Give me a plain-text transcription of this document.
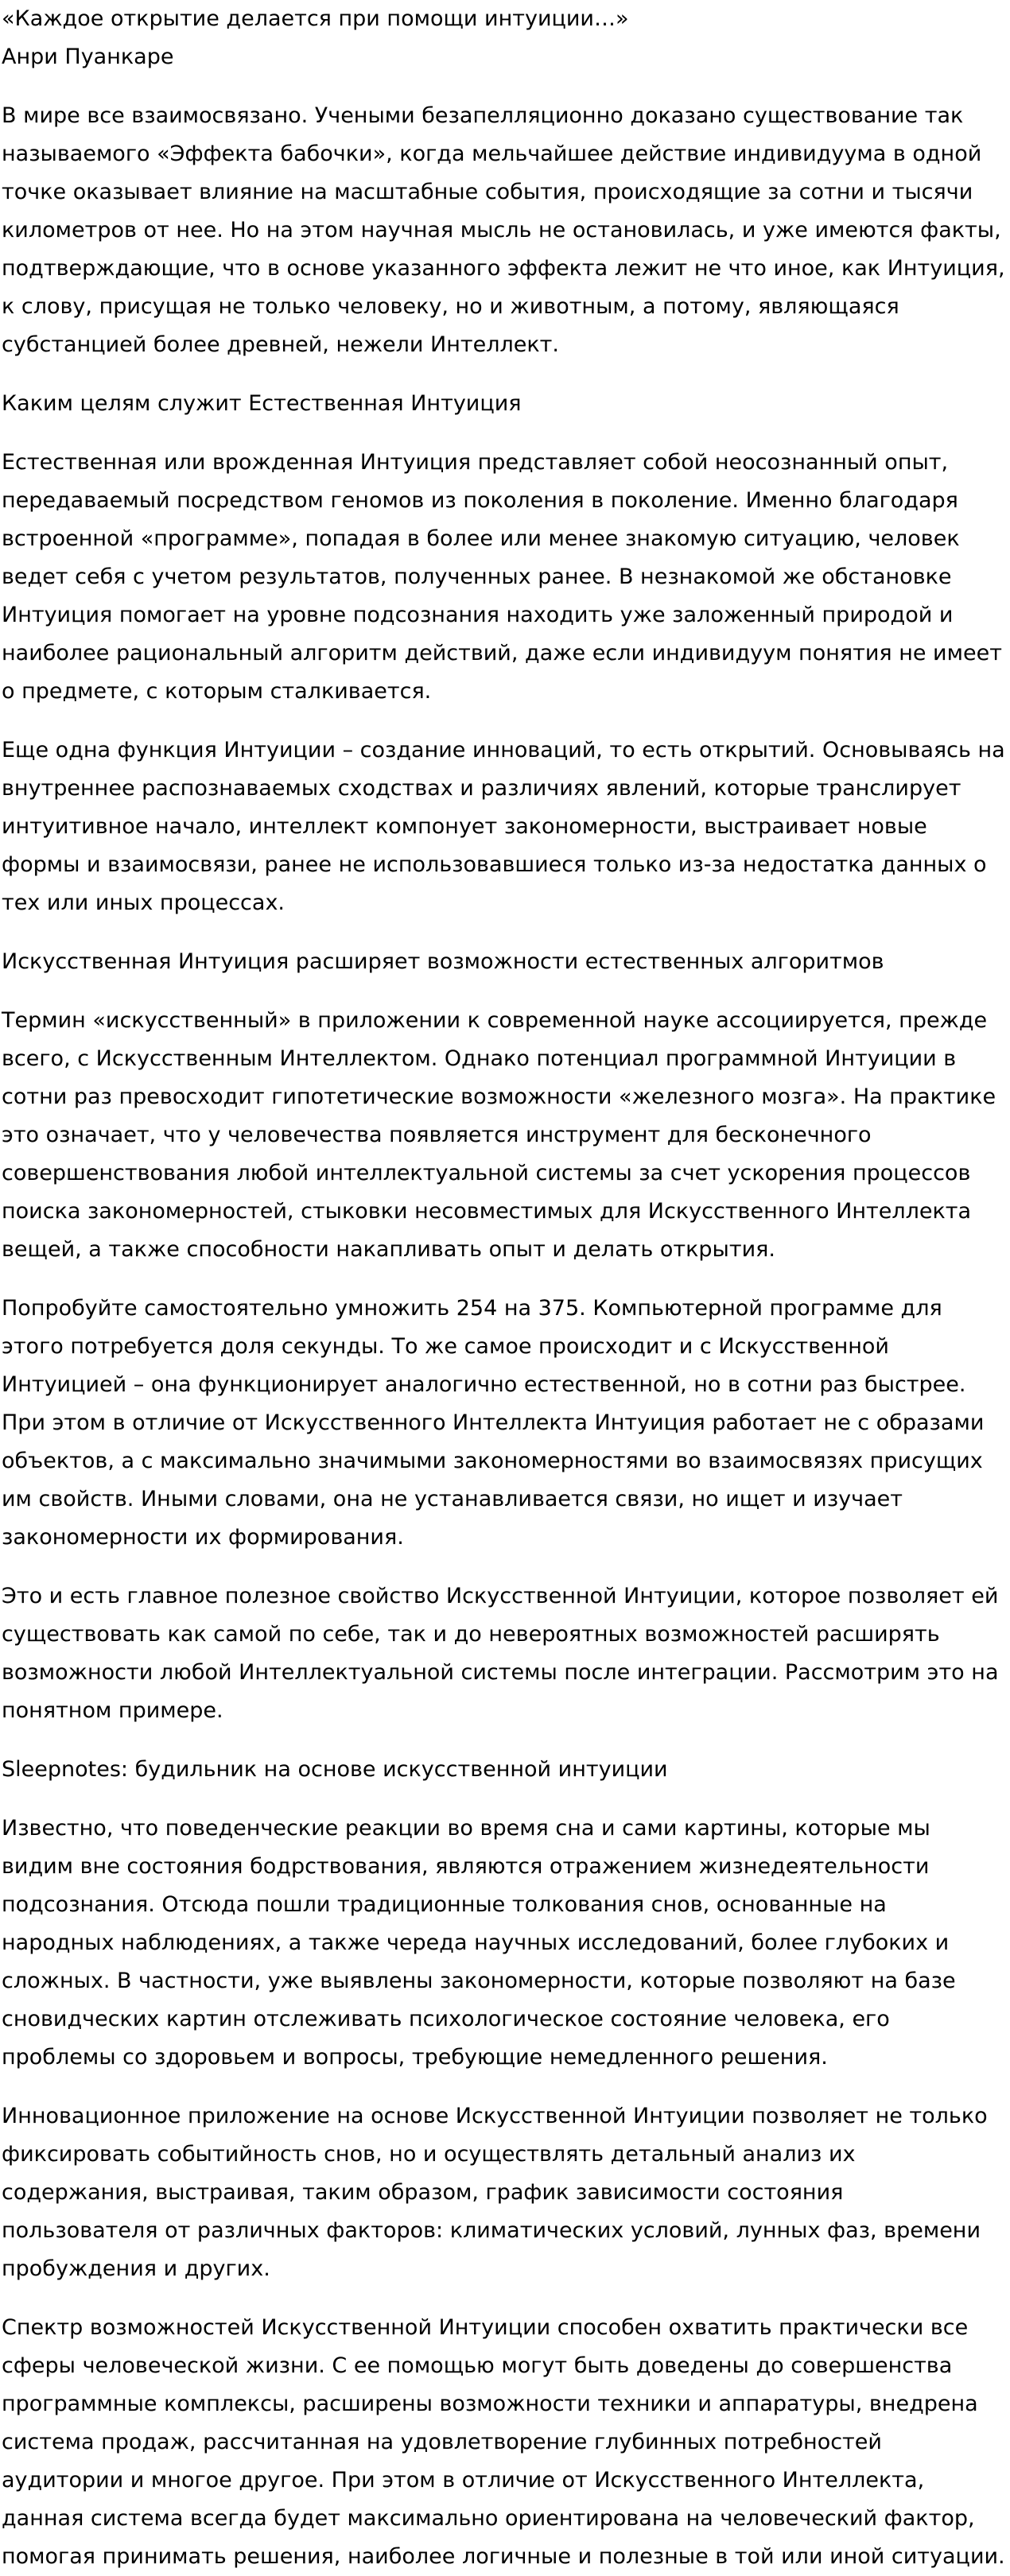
«Каждое открытие делается при помощи интуиции…»

Анри Пуанкаре

В мире все взаимосвязано. Учеными безапелляционно доказано существование так называемого «Эффекта бабочки», когда мельчайшее действие индивидуума в одной точке оказывает влияние на масштабные события, происходящие за сотни и тысячи километров от нее. Но на этом научная мысль не остановилась, и уже имеются факты, подтверждающие, что в основе указанного эффекта лежит не что иное, как Интуиция, к слову, присущая не только человеку, но и животным, а потому, являющаяся субстанцией более древней, нежели Интеллект.

Каким целям служит Естественная Интуиция

Естественная или врожденная Интуиция представляет собой неосознанный опыт, передаваемый посредством геномов из поколения в поколение. Именно благодаря встроенной «программе», попадая в более или менее знакомую ситуацию, человек ведет себя с учетом результатов, полученных ранее. В незнакомой же обстановке Интуиция помогает на уровне подсознания находить уже заложенный природой и наиболее рациональный алгоритм действий, даже если индивидуум понятия не имеет о предмете, с которым сталкивается.

Еще одна функция Интуиции – создание инноваций, то есть открытий. Основываясь на внутреннее распознаваемых сходствах и различиях явлений, которые транслирует интуитивное начало, интеллект компонует закономерности, выстраивает новые формы и взаимосвязи, ранее не использовавшиеся только из-за недостатка данных о тех или иных процессах.

Искусственная Интуиция расширяет возможности естественных алгоритмов

Термин «искусственный» в приложении к современной науке ассоциируется, прежде всего, с Искусственным Интеллектом. Однако потенциал программной Интуиции в сотни раз превосходит гипотетические возможности «железного мозга». На практике это означает, что у человечества появляется инструмент для бесконечного совершенствования любой интеллектуальной системы за счет ускорения процессов поиска закономерностей, стыковки несовместимых для Искусственного Интеллекта вещей, а также способности накапливать опыт и делать открытия.

Попробуйте самостоятельно умножить 254 на 375. Компьютерной программе для этого потребуется доля секунды. То же самое происходит и с Искусственной Интуицией – она функционирует аналогично естественной, но в сотни раз быстрее. При этом в отличие от Искусственного Интеллекта Интуиция работает не с образами объектов, а с максимально значимыми закономерностями во взаимосвязях присущих им свойств. Иными словами, она не устанавливается связи, но ищет и изучает закономерности их формирования.

Это и есть главное полезное свойство Искусственной Интуиции, которое позволяет ей существовать как самой по себе, так и до невероятных возможностей расширять возможности любой Интеллектуальной системы после интеграции. Рассмотрим это на понятном примере.

Sleepnotes: будильник на основе искусственной интуиции

Известно, что поведенческие реакции во время сна и сами картины, которые мы видим вне состояния бодрствования, являются отражением жизнедеятельности подсознания. Отсюда пошли традиционные толкования снов, основанные на народных наблюдениях, а также череда научных исследований, более глубоких и сложных. В частности, уже выявлены закономерности, которые позволяют на базе сновидческих картин отслеживать психологическое состояние человека, его проблемы со здоровьем и вопросы, требующие немедленного решения.

Инновационное приложение на основе Искусственной Интуиции позволяет не только фиксировать событийность снов, но и осуществлять детальный анализ их содержания, выстраивая, таким образом, график зависимости состояния пользователя от различных факторов: климатических условий, лунных фаз, времени пробуждения и других.

Спектр возможностей Искусственной Интуиции способен охватить практически все сферы человеческой жизни. С ее помощью могут быть доведены до совершенства программные комплексы, расширены возможности техники и аппаратуры, внедрена система продаж, рассчитанная на удовлетворение глубинных потребностей аудитории и многое другое. При этом в отличие от Искусственного Интеллекта, данная система всегда будет максимально ориентирована на человеческий фактор, помогая принимать решения, наиболее логичные и полезные в той или иной ситуации.
